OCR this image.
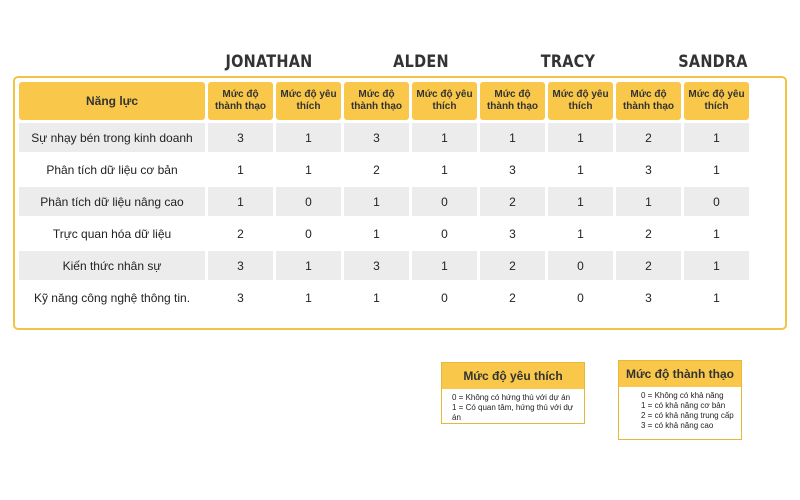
JONATHAN	ALDEN	TRACY	SANDRA
Năng lực	Mức độ thành thạo	Mức độ yêu thích	Mức độ thành thạo	Mức độ yêu thích	Mức độ thành thạo	Mức độ yêu thích	Mức độ thành thạo	Mức độ yêu thích
Sự nhạy bén trong kinh doanh	3	1	3	1	1	1	2	1
Phân tích dữ liệu cơ bản	1	1	2	1	3	1	3	1
Phân tích dữ liệu nâng cao	1	0	1	0	2	1	1	0
Trực quan hóa dữ liệu	2	0	1	0	3	1	2	1
Kiến thức nhân sự	3	1	3	1	2	0	2	1
Kỹ năng công nghệ thông tin.	3	1	1	0	2	0	3	1
Mức độ yêu thích
0 = Không có hứng thú với dự án
1 = Có quan tâm, hứng thú với dự án
Mức độ thành thạo
0 = Không có khả năng
1 = có khả năng cơ bản
2 = có khả năng trung cấp
3 = có khả năng cao
